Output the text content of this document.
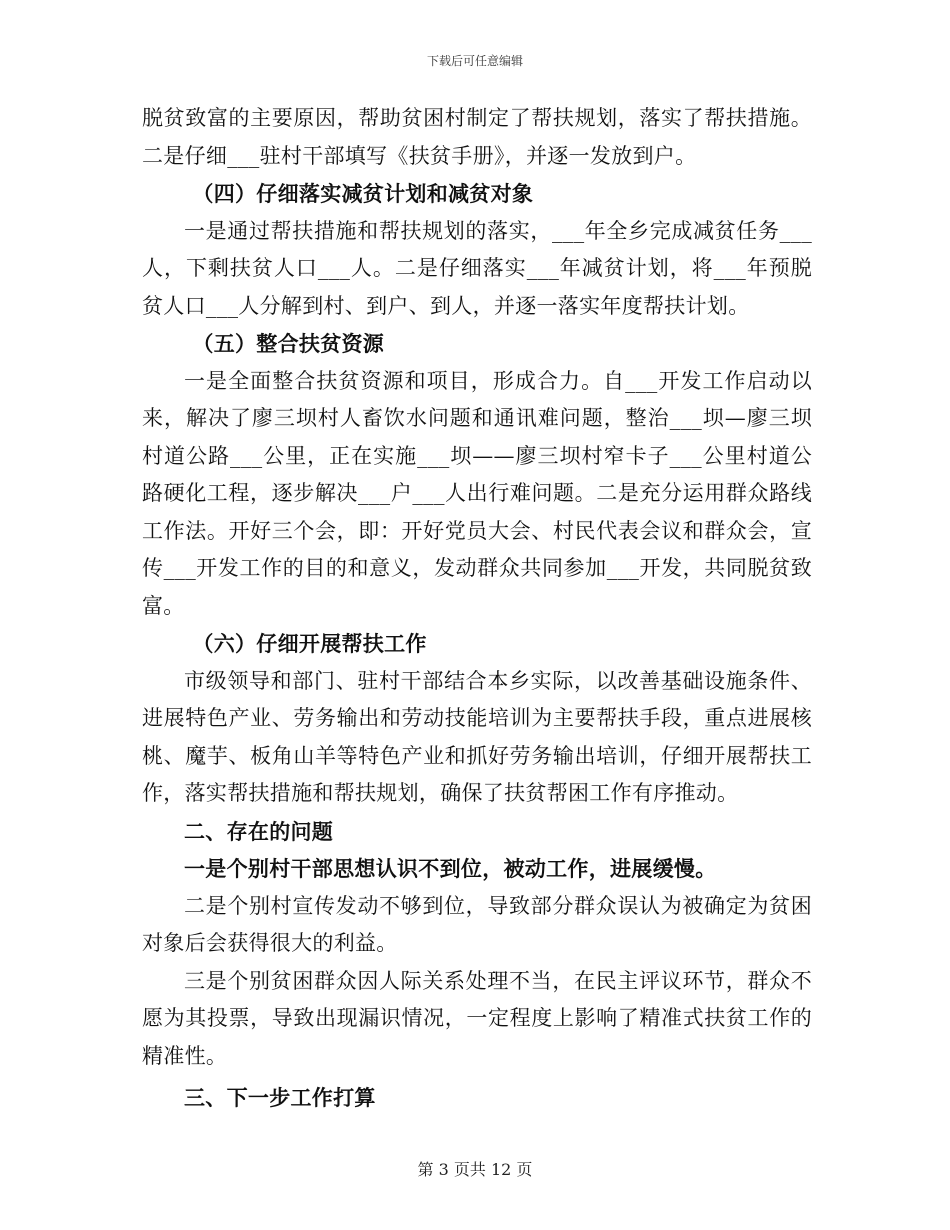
下载后可任意编辑

脱贫致富的主要原因，帮助贫困村制定了帮扶规划，落实了帮扶措施。二是仔细___驻村干部填写《扶贫手册》，并逐一发放到户。

（四）仔细落实减贫计划和减贫对象

一是通过帮扶措施和帮扶规划的落实，___年全乡完成减贫任务___人，下剩扶贫人口___人。二是仔细落实___年减贫计划，将___年预脱贫人口___人分解到村、到户、到人，并逐一落实年度帮扶计划。

（五）整合扶贫资源

一是全面整合扶贫资源和项目，形成合力。自___开发工作启动以来，解决了廖三坝村人畜饮水问题和通讯难问题，整治___坝—廖三坝村道公路___公里，正在实施___坝——廖三坝村窄卡子___公里村道公路硬化工程，逐步解决___户___人出行难问题。二是充分运用群众路线工作法。开好三个会，即：开好党员大会、村民代表会议和群众会，宣传___开发工作的目的和意义，发动群众共同参加___开发，共同脱贫致富。

（六）仔细开展帮扶工作

市级领导和部门、驻村干部结合本乡实际，以改善基础设施条件、进展特色产业、劳务输出和劳动技能培训为主要帮扶手段，重点进展核桃、魔芋、板角山羊等特色产业和抓好劳务输出培训，仔细开展帮扶工作，落实帮扶措施和帮扶规划，确保了扶贫帮困工作有序推动。

二、存在的问题

一是个别村干部思想认识不到位，被动工作，进展缓慢。

二是个别村宣传发动不够到位，导致部分群众误认为被确定为贫困对象后会获得很大的利益。

三是个别贫困群众因人际关系处理不当，在民主评议环节，群众不愿为其投票，导致出现漏识情况，一定程度上影响了精准式扶贫工作的精准性。

三、下一步工作打算

第 3 页共 12 页
